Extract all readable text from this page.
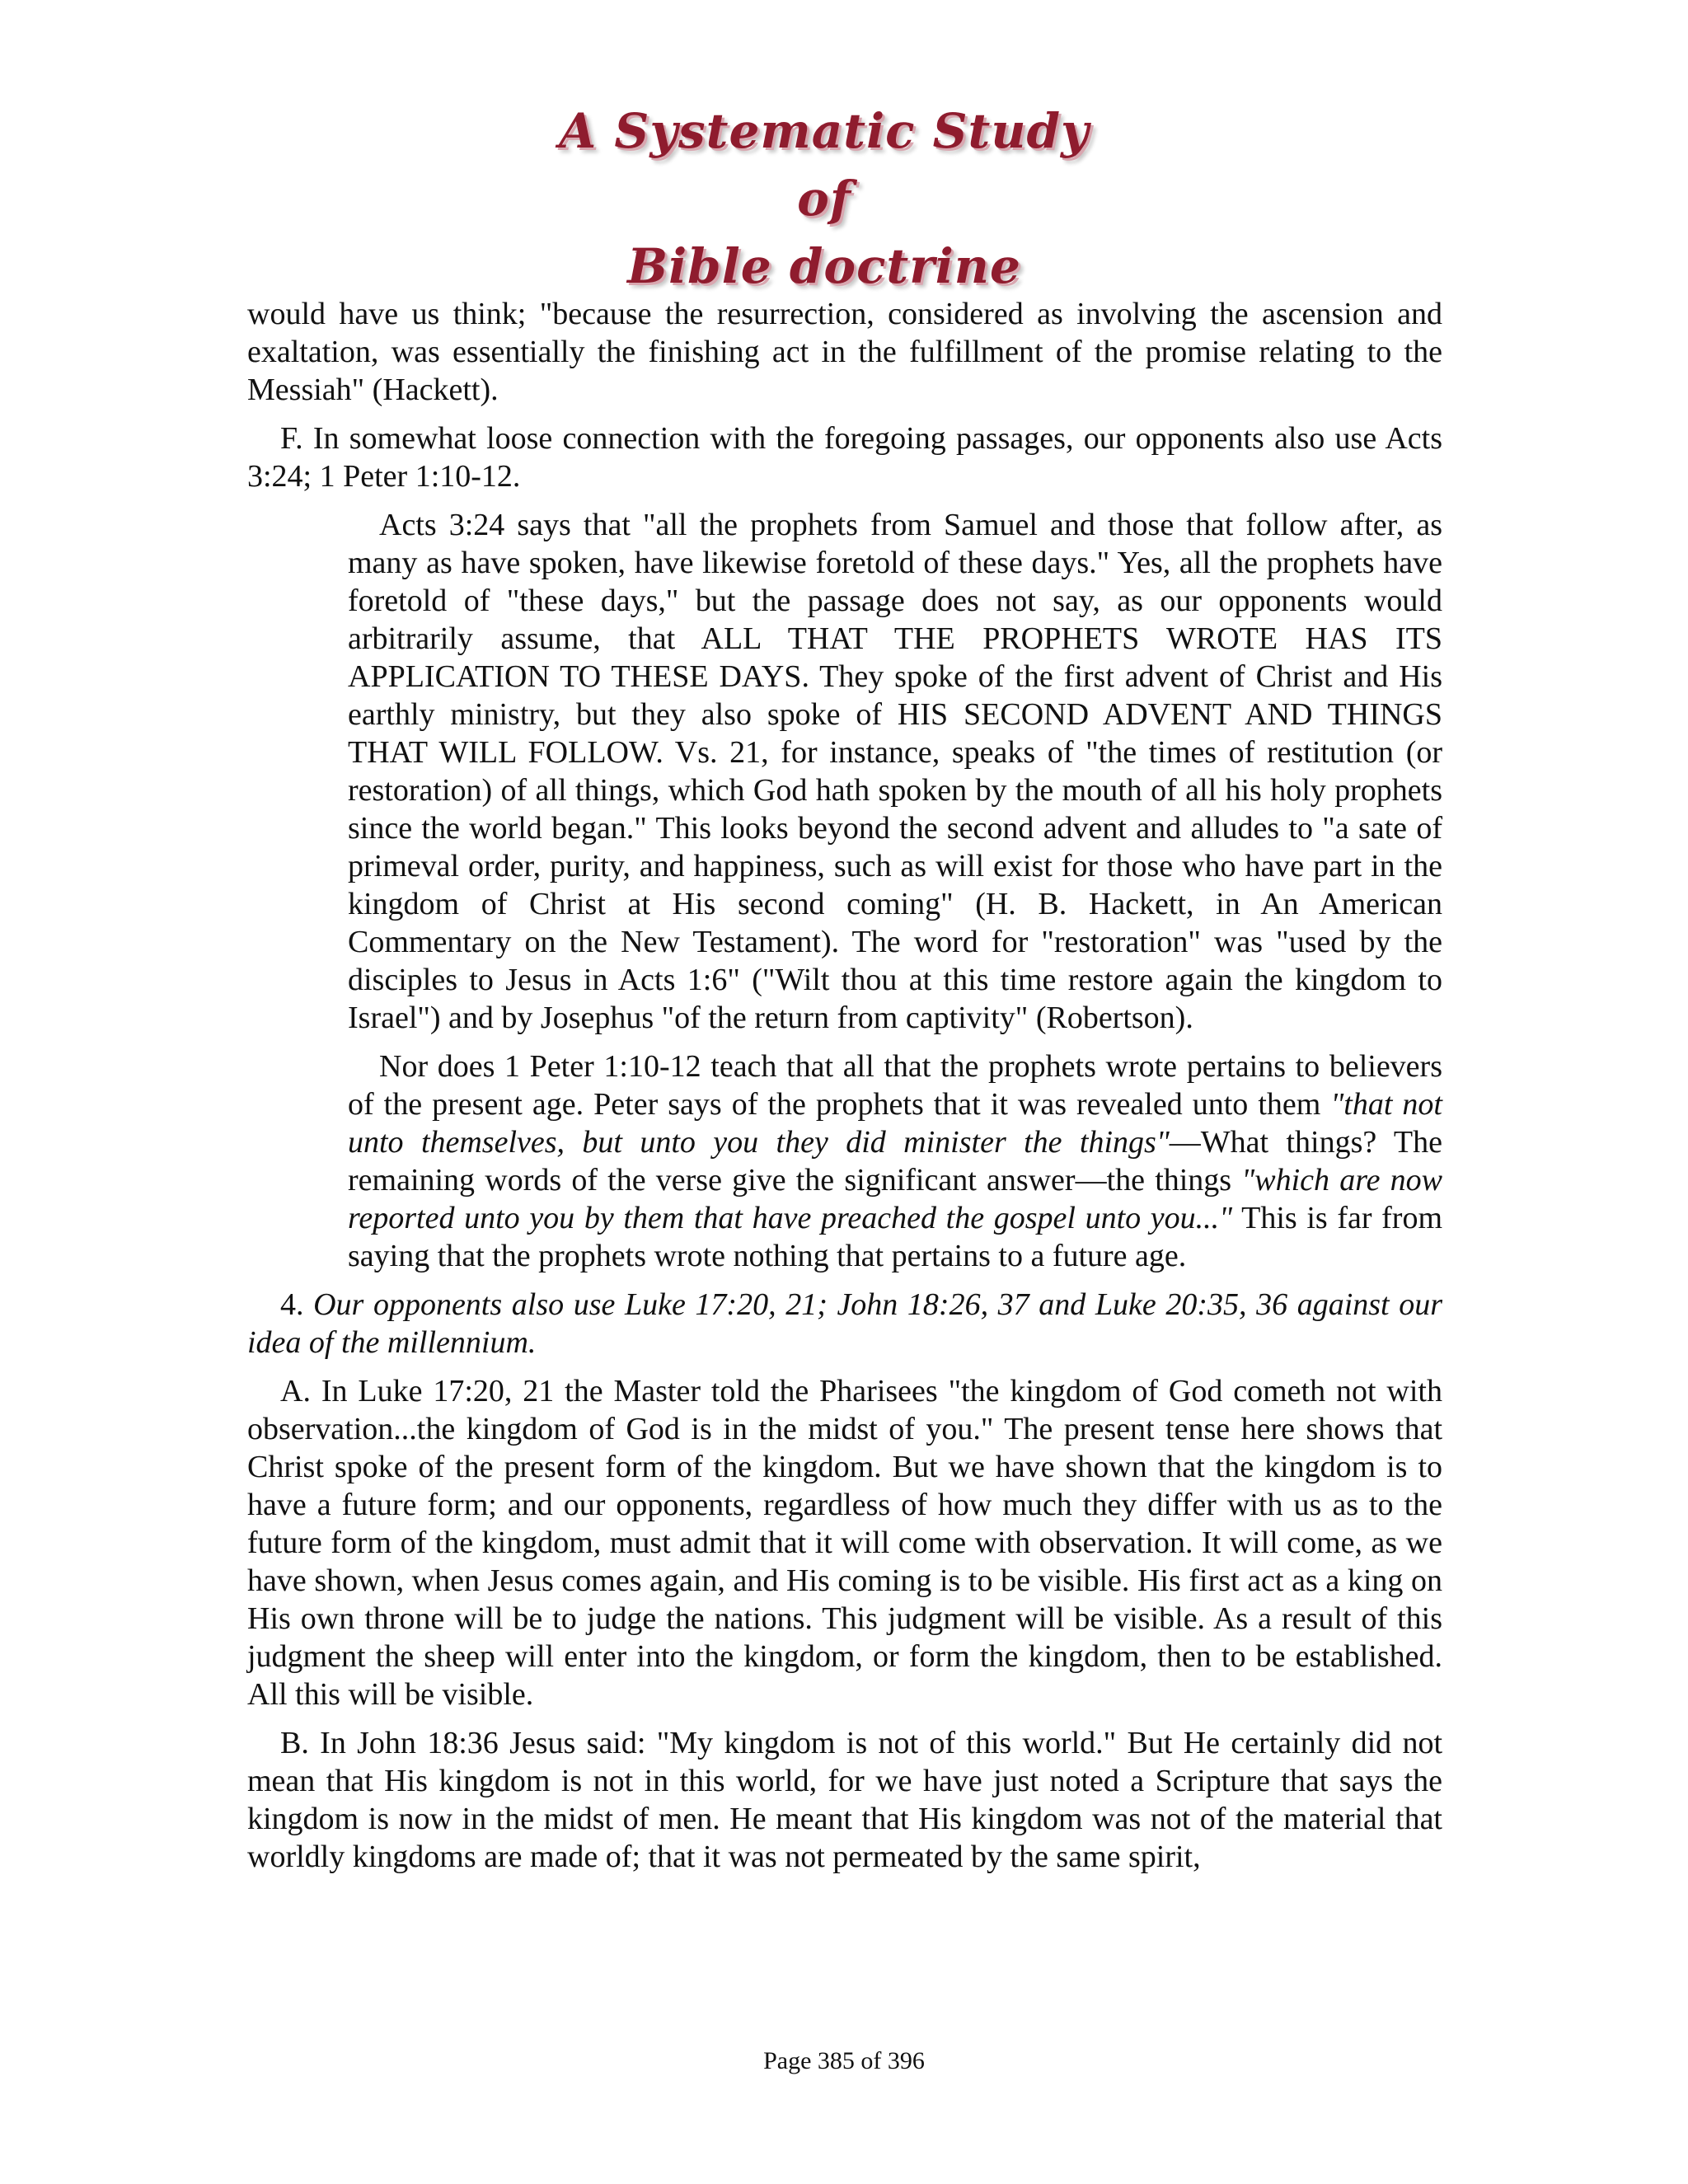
A Systematic Study of
Bible doctrine

would have us think; "because the resurrection, considered as involving the ascension and exaltation, was essentially the finishing act in the fulfillment of the promise relating to the Messiah" (Hackett).

F. In somewhat loose connection with the foregoing passages, our opponents also use Acts 3:24; 1 Peter 1:10-12.

Acts 3:24 says that "all the prophets from Samuel and those that follow after, as many as have spoken, have likewise foretold of these days." Yes, all the prophets have foretold of "these days," but the passage does not say, as our opponents would arbitrarily assume, that ALL THAT THE PROPHETS WROTE HAS ITS APPLICATION TO THESE DAYS. They spoke of the first advent of Christ and His earthly ministry, but they also spoke of HIS SECOND ADVENT AND THINGS THAT WILL FOLLOW. Vs. 21, for instance, speaks of "the times of restitution (or restoration) of all things, which God hath spoken by the mouth of all his holy prophets since the world began." This looks beyond the second advent and alludes to "a sate of primeval order, purity, and happiness, such as will exist for those who have part in the kingdom of Christ at His second coming" (H. B. Hackett, in An American Commentary on the New Testament). The word for "restoration" was "used by the disciples to Jesus in Acts 1:6" ("Wilt thou at this time restore again the kingdom to Israel") and by Josephus "of the return from captivity" (Robertson).

Nor does 1 Peter 1:10-12 teach that all that the prophets wrote pertains to believers of the present age. Peter says of the prophets that it was revealed unto them "that not unto themselves, but unto you they did minister the things"—What things? The remaining words of the verse give the significant answer—the things "which are now reported unto you by them that have preached the gospel unto you..." This is far from saying that the prophets wrote nothing that pertains to a future age.

4. Our opponents also use Luke 17:20, 21; John 18:26, 37 and Luke 20:35, 36 against our idea of the millennium.

A. In Luke 17:20, 21 the Master told the Pharisees "the kingdom of God cometh not with observation...the kingdom of God is in the midst of you." The present tense here shows that Christ spoke of the present form of the kingdom. But we have shown that the kingdom is to have a future form; and our opponents, regardless of how much they differ with us as to the future form of the kingdom, must admit that it will come with observation. It will come, as we have shown, when Jesus comes again, and His coming is to be visible. His first act as a king on His own throne will be to judge the nations. This judgment will be visible. As a result of this judgment the sheep will enter into the kingdom, or form the kingdom, then to be established. All this will be visible.

B. In John 18:36 Jesus said: "My kingdom is not of this world." But He certainly did not mean that His kingdom is not in this world, for we have just noted a Scripture that says the kingdom is now in the midst of men. He meant that His kingdom was not of the material that worldly kingdoms are made of; that it was not permeated by the same spirit,

Page 385 of 396
